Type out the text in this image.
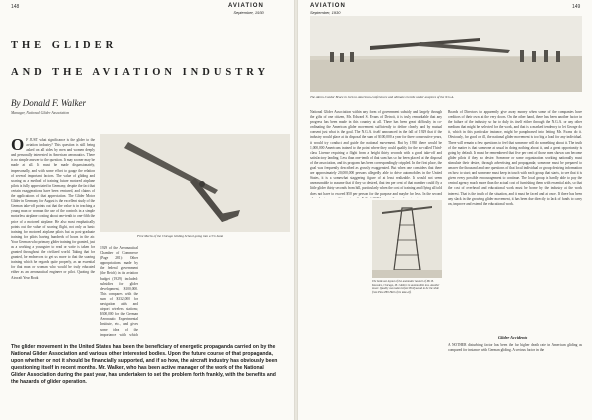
148	AVIATION
September, 1930
THE GLIDER
AND THE AVIATION INDUSTRY
By Donald F. Walker
Manager, National Glider Association
O F JUST what significance is the glider to the aviation industry? This question is still being asked on all sides by men and women deeply and personally interested in American aeronautics. There is no simple answer to the question. It may sooner may be made at all. It must be made dispassionately, impersonally, and with some effort to gauge the relation of several important factors. The value of gliding and soaring as a method of training future motored airplane pilots is fully appreciated in Germany, despite the fact that certain exaggerations have been ventured, and claims of the applications of that appreciation. The Glider Motor Glider in Germany for August is the excellent study of the German take-off points out that the value is in teaching a young man or woman the use of the controls in a simple motorless airplane costing about one-tenth to one-fifth the price of a motored airplane. He also most emphatically points out the value of soaring flight, not only as basic training for motored airplane pilots but as post-graduate training for pilots having hundreds of hours in the air. Your German who primary glider training for granted, just as a working a youngster to read or write is taken for granted throughout the civilized world. Taking that for granted, he endeavors to get us more to that the soaring training which he regards quite properly, as an essential for that man or woman who would be truly educated either as an aeronautical engineer or pilot. Quoting the Aircraft Year Book
First Mechs of the Chicago Gliding School going into a 5% bank
1929 of the Aeronautical Chamber of Commerce (Page 281): Other appropriations made by the federal government (the Reich) in its aviation budget (1929) included: subsidies for glider development, $100,000. This compares with the sum of $332,000 for navigation aids and airport wireless stations; $300,000 for the German Aeronautic Experimental Institute, etc., and gives some idea of the importance with which
The glider movement in the United States has been the beneficiary of energetic propaganda carried on by the National Glider Association and various other interested bodies. Upon the future course of that propaganda, upon whether or not it should be financially supported, and if so how, the aircraft industry has obviously been questioning itself in recent months. Mr. Walker, who has been active manager of the work of the National Glider Association during the past year, has undertaken to set the problem forth frankly, with the benefits and the hazards of glider operation.
AVIATION
September, 1930
149
The Akron-Condor Brace in Jeck to American-conferences and ultimate records under auspices of the N.G.A.
National Glider Association within any form of government subsidy and largely through the gifts of one citizen, Mr. Edward S. Evans of Detroit, it is truly remarkable that any progress has been made in this country at all. There has been great difficulty in co-ordinating the American glider movement sufficiently to define clearly and by mutual consent just what is the goal. The N.G.A. itself announced in the fall of 1929 that if the industry would place at its disposal the sum of $100,000 a year for three consecutive years, it would try conduct and guide the national movement. But by 1930 there would be 1,000,000 Americans trained to the point where they could qualify for the so-called Third-class License requiring a flight from a height thirty seconds with a good take-off and satisfactory landing. Less than one-tenth of that sum has so far been placed at the disposal of the association, and its program has been correspondingly crippled. In the first place, the goal was frequently described as grossly exaggerated. But when one considers that there are approximately 20,000,000 persons allegedly able to drive automobiles in the United States, it is a somewhat staggering figure of at least realizable. It would not seem unreasonable to assume that if they so desired, that ten per cent of that number could fly a little glider thirty seconds from hill, particularly when the cost of training and flying all told does not have to exceed $50 per person for the purpose and maybe for less. In the second
The bold-out layout of the automatic launch of Mr. B. Knowles, Chicago, Ill. Gliders in automobile tow. Another tower. Quality was taken before Hollywood to be the slide from Pine-Hill Hall of its take-off.
Boards of Directors to apparently give away money when some of the companies have creditors of their own at the very doors. On the other hand, there has been another factor in the failure of the industry so far to duly its itself either through the N.G.A. or any other medium that might be selected for the work, and that is a marked tendency to let George do it, which in this particular instance, might be paraphrased into letting Mr. Evans do it. Obviously, for good or ill, the national glider movement is too big a load for any individual. There will remain a few questions to feel that someone will do something about it. The truth of the matter is that someone at usual in doing nothing about it, and a great opportunity is going by default. It must be remembered that five per cent of those men shown can become glider pilots if they so desire. Someone or some organization working nationally must stimulate their desire, through advertising and propaganda; someone must be prepared to answer the thousand and one questions of that local individual or group desiring information on how to start; and someone must keep in touch with each group that starts, to see that it is given every possible encouragement to continue. The local group is hardly able to pay the central agency much more than the actual cost of furnishing them with essential aids, so that the cost of overhead and educational work must be borne by the industry at the work interest. That is the truth of the situation, and it must be faced and at once. If there has been any slack in the growing glider movement, it has been due directly to lack of funds to carry on, improve and extend the educational work.
Glider Accidents
A NOTHER disturbing factor has been the far higher death rate in American gliding as compared for instance with German gliding. A serious factor in the
